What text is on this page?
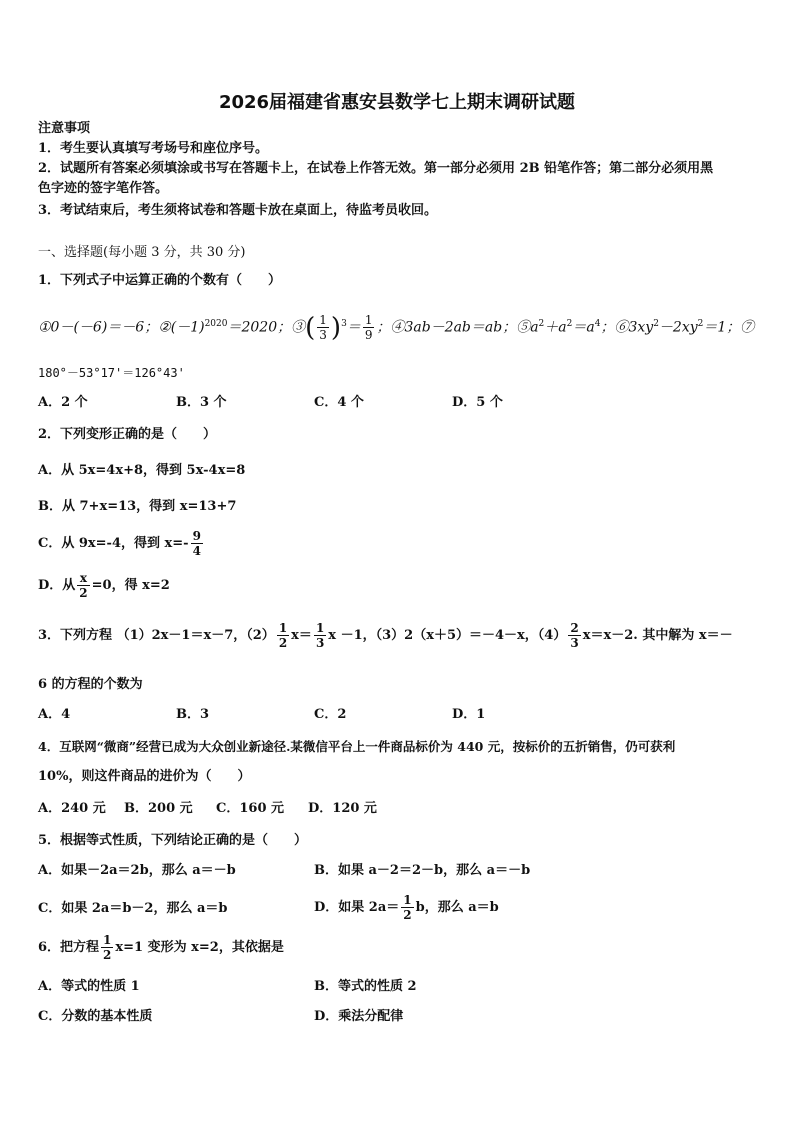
2026届福建省惠安县数学七上期末调研试题
注意事项
1．考生要认真填写考场号和座位序号。
2．试题所有答案必须填涂或书写在答题卡上，在试卷上作答无效。第一部分必须用 2B 铅笔作答；第二部分必须用黑
色字迹的签字笔作答。
3．考试结束后，考生须将试卷和答题卡放在桌面上，待监考员收回。
一、选择题(每小题 3 分，共 30 分)
1．下列式子中运算正确的个数有（　　）
①0－(－6)＝－6；$②(-1)^{2020}=2020$；③( $\frac{1}{3} )^3= \frac{1}{9}$ ；④3ab－2ab＝ab；$⑤a^2+a^2=a^4$；$⑥3xy^2-2xy^2=1$；⑦
180°－53°17'＝126°43'
A．2 个	B．3 个	C．4 个	D．5 个
2．下列变形正确的是（　　）
A．从 5x=4x+8，得到 5x-4x=8
B．从 7+x=13，得到 x=13+7
C．从 9x=-4，得到 $x=- \frac{9}{4}$
D．从 $\frac{x}{2} =0$，得 x=2
3．下列方程 （1）2x－1＝x－7，$(2) \frac{1}{2} x= \frac{1}{3}$ x －1，（3）2（x＋5）＝－4－x，$(4) \frac{2}{3} x=x-2$. 其中解为 x＝－
6 的方程的个数为
A．4	B．3	C．2	D．1
4．互联网“微商”经营已成为大众创业新途径.某微信平台上一件商品标价为 440 元，按标价的五折销售，仍可获利
10%，则这件商品的进价为（　　）
A．240 元 B．200 元 C．160 元 D．120 元
5．根据等式性质，下列结论正确的是（　　）
A．如果－2a＝2b，那么 a＝－b	B．如果 a－2＝2－b，那么 a＝－b
C．如果 2a＝b－2，那么 a＝b	D．如果 $2a= \frac{1}{2}$ b，那么 a＝b
6．把方程 $\frac{1}{2} x=1$ 变形为 x=2，其依据是
A．等式的性质 1	B．等式的性质 2
C．分数的基本性质	D．乘法分配律
